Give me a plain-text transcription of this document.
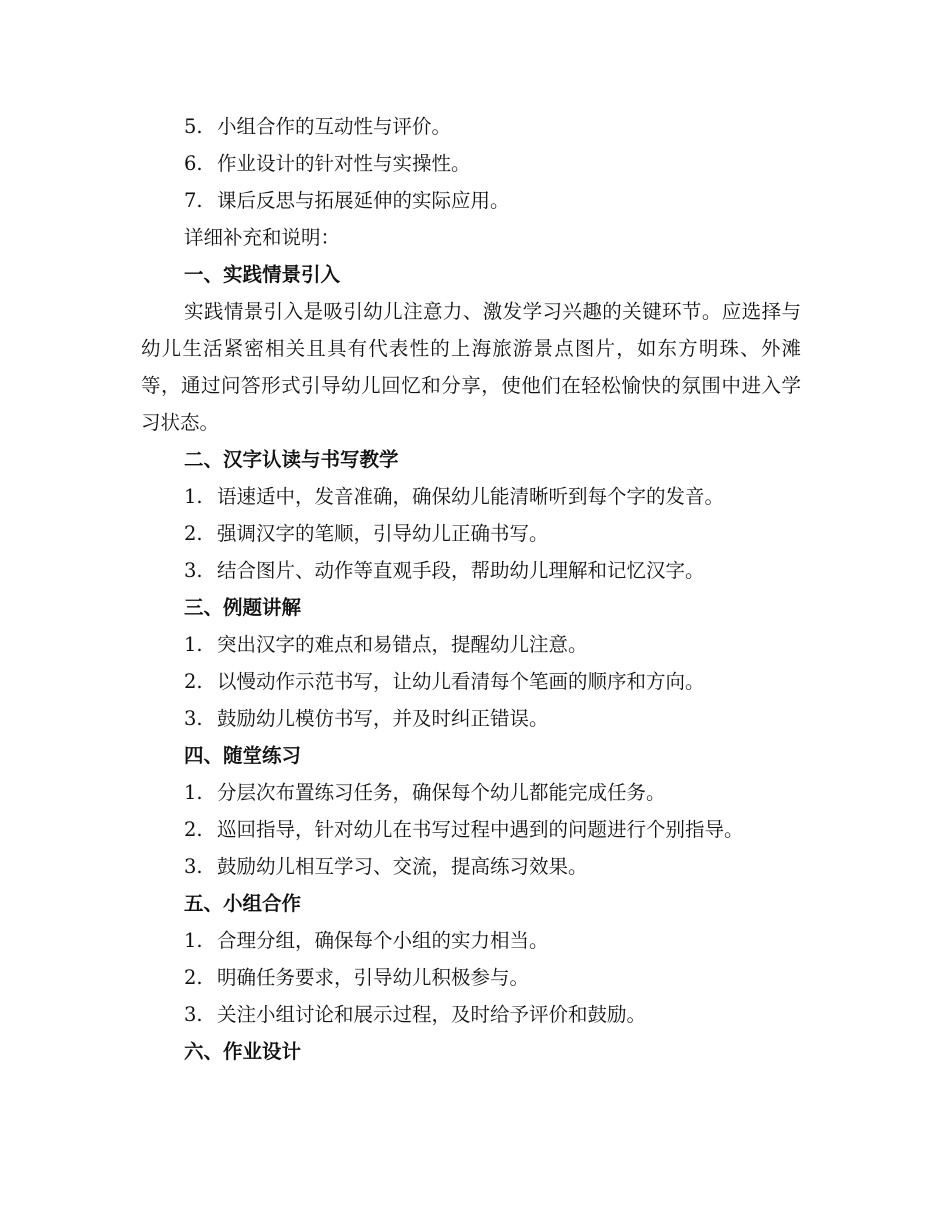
5. 小组合作的互动性与评价。
6. 作业设计的针对性与实操性。
7. 课后反思与拓展延伸的实际应用。
详细补充和说明：
一、实践情景引入

实践情景引入是吸引幼儿注意力、激发学习兴趣的关键环节。应选择与幼儿生活紧密相关且具有代表性的上海旅游景点图片，如东方明珠、外滩等，通过问答形式引导幼儿回忆和分享，使他们在轻松愉快的氛围中进入学习状态。

二、汉字认读与书写教学
1. 语速适中，发音准确，确保幼儿能清晰听到每个字的发音。
2. 强调汉字的笔顺，引导幼儿正确书写。
3. 结合图片、动作等直观手段，帮助幼儿理解和记忆汉字。
三、例题讲解
1. 突出汉字的难点和易错点，提醒幼儿注意。
2. 以慢动作示范书写，让幼儿看清每个笔画的顺序和方向。
3. 鼓励幼儿模仿书写，并及时纠正错误。
四、随堂练习
1. 分层次布置练习任务，确保每个幼儿都能完成任务。
2. 巡回指导，针对幼儿在书写过程中遇到的问题进行个别指导。
3. 鼓励幼儿相互学习、交流，提高练习效果。
五、小组合作
1. 合理分组，确保每个小组的实力相当。
2. 明确任务要求，引导幼儿积极参与。
3. 关注小组讨论和展示过程，及时给予评价和鼓励。
六、作业设计
